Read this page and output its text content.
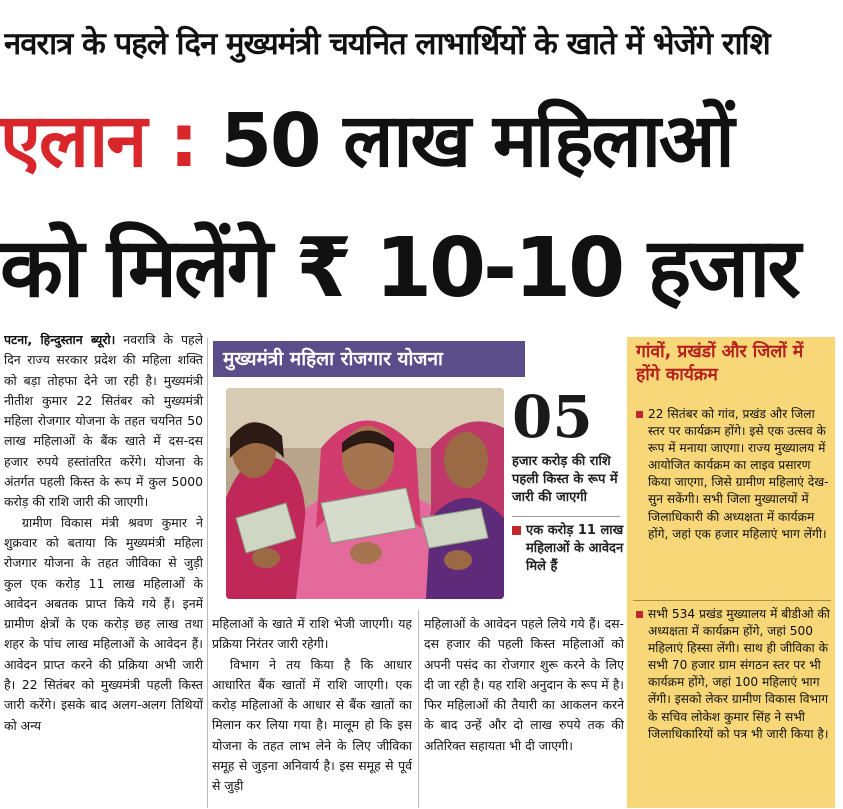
नवरात्र के पहले दिन मुख्यमंत्री चयनित लाभार्थियों के खाते में भेजेंगे राशि
एलान : 50 लाख महिलाओं
को मिलेंगे ₹ 10-10 हजार

पटना, हिन्दुस्तान ब्यूरो। नवरात्रि के पहले दिन राज्य सरकार प्रदेश की महिला शक्ति को बड़ा तोहफा देने जा रही है। मुख्यमंत्री नीतीश कुमार 22 सितंबर को मुख्यमंत्री महिला रोजगार योजना के तहत चयनित 50 लाख महिलाओं के बैंक खाते में दस-दस हजार रुपये हस्तांतरित करेंगे। योजना के अंतर्गत पहली किस्त के रूप में कुल 5000 करोड़ की राशि जारी की जाएगी।

ग्रामीण विकास मंत्री श्रवण कुमार ने शुक्रवार को बताया कि मुख्यमंत्री महिला रोजगार योजना के तहत जीविका से जुड़ी कुल एक करोड़ 11 लाख महिलाओं के आवेदन अबतक प्राप्त किये गये हैं। इनमें ग्रामीण क्षेत्रों के एक करोड़ छह लाख तथा शहर के पांच लाख महिलाओं के आवेदन हैं। आवेदन प्राप्त करने की प्रक्रिया अभी जारी है। 22 सितंबर को मुख्यमंत्री पहली किस्त जारी करेंगे। इसके बाद अलग-अलग तिथियों को अन्य

मुख्यमंत्री महिला रोजगार योजना
05
हजार करोड़ की राशि पहली किस्त के रूप में जारी की जाएगी
एक करोड़ 11 लाख महिलाओं के आवेदन मिले हैं

महिलाओं के खाते में राशि भेजी जाएगी। यह प्रक्रिया निरंतर जारी रहेगी।

विभाग ने तय किया है कि आधार आधारित बैंक खातों में राशि जाएगी। एक करोड़ महिलाओं के आधार से बैंक खातों का मिलान कर लिया गया है। मालूम हो कि इस योजना के तहत लाभ लेने के लिए जीविका समूह से जुड़ना अनिवार्य है। इस समूह से पूर्व से जुड़ी

महिलाओं के आवेदन पहले लिये गये हैं। दस-दस हजार की पहली किस्त महिलाओं को अपनी पसंद का रोजगार शुरू करने के लिए दी जा रही है। यह राशि अनुदान के रूप में है। फिर महिलाओं की तैयारी का आकलन करने के बाद उन्हें और दो लाख रुपये तक की अतिरिक्त सहायता भी दी जाएगी।

गांवों, प्रखंडों और जिलों में होंगे कार्यक्रम
22 सितंबर को गांव, प्रखंड और जिला स्तर पर कार्यक्रम होंगे। इसे एक उत्सव के रूप में मनाया जाएगा। राज्य मुख्यालय में आयोजित कार्यक्रम का लाइव प्रसारण किया जाएगा, जिसे ग्रामीण महिलाएं देख-सुन सकेंगी। सभी जिला मुख्यालयों में जिलाधिकारी की अध्यक्षता में कार्यक्रम होंगे, जहां एक हजार महिलाएं भाग लेंगी।
सभी 534 प्रखंड मुख्यालय में बीडीओ की अध्यक्षता में कार्यक्रम होंगे, जहां 500 महिलाएं हिस्सा लेंगी। साथ ही जीविका के सभी 70 हजार ग्राम संगठन स्तर पर भी कार्यक्रम होंगे, जहां 100 महिलाएं भाग लेंगी। इसको लेकर ग्रामीण विकास विभाग के सचिव लोकेश कुमार सिंह ने सभी जिलाधिकारियों को पत्र भी जारी किया है।
